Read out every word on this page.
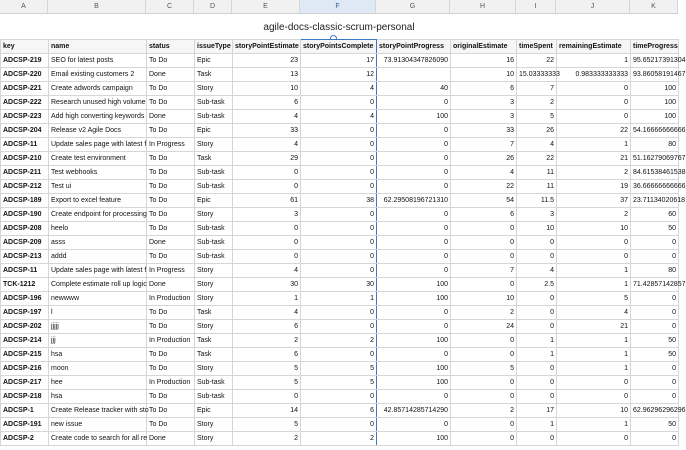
A	B	C	D	E	F	G	H	I	J	K
agile-docs-classic-scrum-personal
key	name	status	issueType	storyPointEstimate	storyPointsComplete	storyPointProgress	originalEstimate	timeSpent	remainingEstimate	timeProgress
ADCSP-219	SEO for latest posts	To Do	Epic	23	17	73.91304347826090	16	22	1	95.65217391304
ADCSP-220	Email existing customers 2	Done	Task	13	12		10	15.03333333	0.983333333333	93.86058191467
ADCSP-221	Create adwords campaign	To Do	Story	10	4	40	6	7	0	100
ADCSP-222	Research unused high volume	To Do	Sub-task	6	0	0	3	2	0	100
ADCSP-223	Add high converting keywords	Done	Sub-task	4	4	100	3	5	0	100
ADCSP-204	Release v2 Agile Docs	To Do	Epic	33	0	0	33	26	22	54.16666666666
ADCSP-11	Update sales page with latest f	In Progress	Story	4	0	0	7	4	1	80
ADCSP-210	Create test environment	To Do	Task	29	0	0	26	22	21	51.16279069767
ADCSP-211	Test webhooks	To Do	Sub-task	0	0	0	4	11	2	84.61538461538
ADCSP-212	Test ui	To Do	Sub-task	0	0	0	22	11	19	36.66666666666
ADCSP-189	Export to excel feature	To Do	Epic	61	38	62.29508196721310	54	11.5	37	23.71134020618
ADCSP-190	Create endpoint for processing	To Do	Story	3	0	0	6	3	2	60
ADCSP-208	heelo	To Do	Sub-task	0	0	0	0	10	10	50
ADCSP-209	asss	Done	Sub-task	0	0	0	0	0	0	0
ADCSP-213	addd	To Do	Sub-task	0	0	0	0	0	0	0
ADCSP-11	Update sales page with latest f	In Progress	Story	4	0	0	7	4	1	80
TCK-1212	Complete estimate roll up logic	Done	Story	30	30	100	0	2.5	1	71.42857142857
ADCSP-196	newwww	In Production	Story	1	1	100	10	0	5	0
ADCSP-197	l	To Do	Task	4	0	0	2	0	4	0
ADCSP-202	jjjjj	To Do	Story	6	0	0	24	0	21	0
ADCSP-214	jjj	In Production	Task	2	2	100	0	1	1	50
ADCSP-215	hsa	To Do	Task	6	0	0	0	1	1	50
ADCSP-216	moon	To Do	Story	5	5	100	5	0	1	0
ADCSP-217	hee	In Production	Sub-task	5	5	100	0	0	0	0
ADCSP-218	hsa	To Do	Sub-task	0	0	0	0	0	0	0
ADCSP-1	Create Release tracker with sto	To Do	Epic	14	6	42.85714285714290	2	17	10	62.96296296296
ADCSP-191	new issue	To Do	Story	5	0	0	0	1	1	50
ADCSP-2	Create code to search for all re	Done	Story	2	2	100	0	0	0	0
